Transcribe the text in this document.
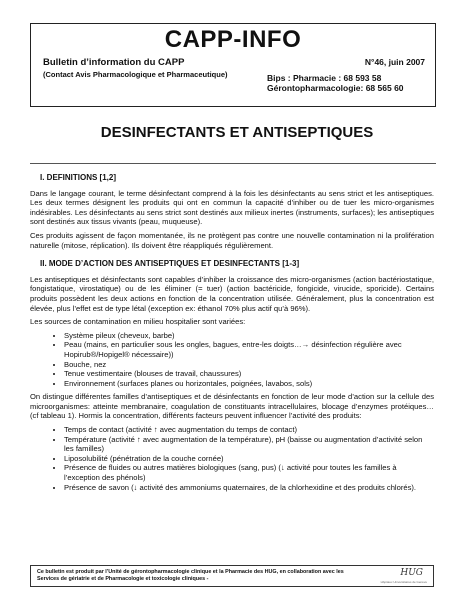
CAPP-INFO
Bulletin d’information du CAPP
(Contact Avis Pharmacologique et Pharmaceutique)
N°46, juin 2007
Bips : Pharmacie : 68 593 58
Gérontopharmacologie: 68 565 60
DESINFECTANTS ET ANTISEPTIQUES
I. DEFINITIONS [1,2]

Dans le langage courant, le terme désinfectant comprend à la fois les désinfectants au sens strict et les antiseptiques. Les deux termes désignent les produits qui ont en commun la capacité d’inhiber ou de tuer les micro-organismes indésirables. Les désinfectants au sens strict sont destinés aux milieux inertes (instruments, surfaces); les antiseptiques sont destinés aux tissus vivants (peau, muqueuse).

Ces produits agissent de façon momentanée, ils ne protègent pas contre une nouvelle contamination ni la prolifération naturelle (mitose, réplication). Ils doivent être réappliqués régulièrement.

II. MODE D’ACTION DES ANTISEPTIQUES ET DESINFECTANTS [1-3]

Les antiseptiques et désinfectants sont capables d’inhiber la croissance des micro-organismes (action bactériostatique, fongistatique, virostatique) ou de les éliminer (= tuer) (action bactéricide, fongicide, virucide, sporicide). Certains produits possèdent les deux actions en fonction de la concentration utilisée. Généralement, plus la concentration est élevée, plus l’effet est de type létal (exception ex: éthanol 70% plus actif qu’à 96%).

Les sources de contamination en milieu hospitalier sont variées:

• Système pileux (cheveux, barbe)
• Peau (mains, en particulier sous les ongles, bagues, entre-les doigts…→ désinfection régulière avec Hopirub®/Hopigel® nécessaire))
• Bouche, nez
• Tenue vestimentaire (blouses de travail, chaussures)
• Environnement (surfaces planes ou horizontales, poignées, lavabos, sols)

On distingue différentes familles d’antiseptiques et de désinfectants en fonction de leur mode d’action sur la cellule des microorganismes: atteinte membranaire, coagulation de constituants intracellulaires, blocage d’enzymes protéiques… (cf tableau 1). Hormis la concentration, différents facteurs peuvent influencer l’activité des produits:

• Temps de contact (activité ↑ avec augmentation du temps de contact)
• Température (activité ↑ avec augmentation de la température), pH (baisse ou augmentation d’activité selon les familles)
• Liposolubilité (pénétration de la couche cornée)
• Présence de fluides ou autres matières biologiques (sang, pus) (↓ activité pour toutes les familles à l’exception des phénols)
• Présence de savon (↓ activité des ammoniums quaternaires, de la chlorhexidine et des produits chlorés).
Ce bulletin est produit par l’Unité de gérontopharmacologie clinique et la Pharmacie des HUG, en collaboration avec les
Services de gériatrie et de Pharmacologie et toxicologie cliniques -
HUG
Hôpitaux Universitaires de Genève
